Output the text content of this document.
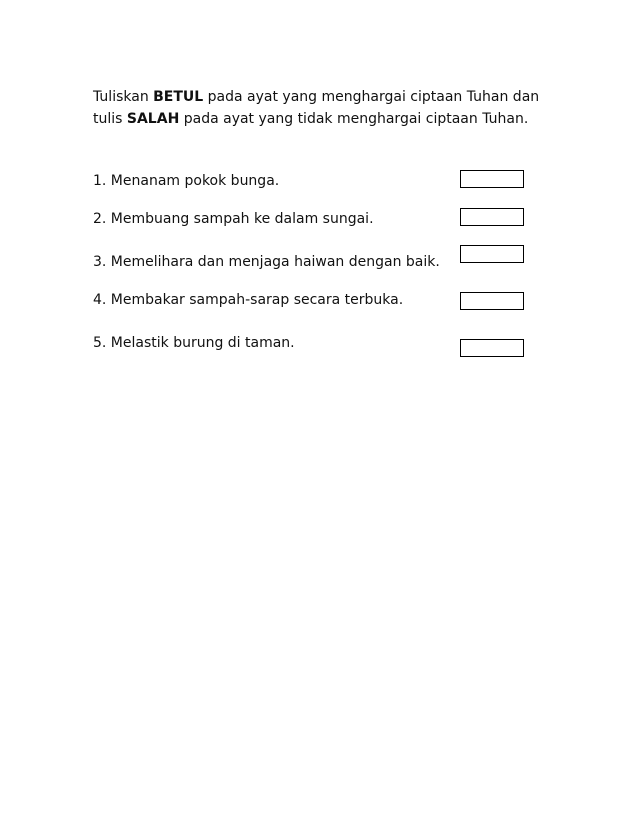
Tuliskan BETUL pada ayat yang menghargai ciptaan Tuhan dan
tulis SALAH pada ayat yang tidak menghargai ciptaan Tuhan.
1. Menanam pokok bunga.
2. Membuang sampah ke dalam sungai.
3. Memelihara dan menjaga haiwan dengan baik.
4. Membakar sampah-sarap secara terbuka.
5. Melastik burung di taman.
